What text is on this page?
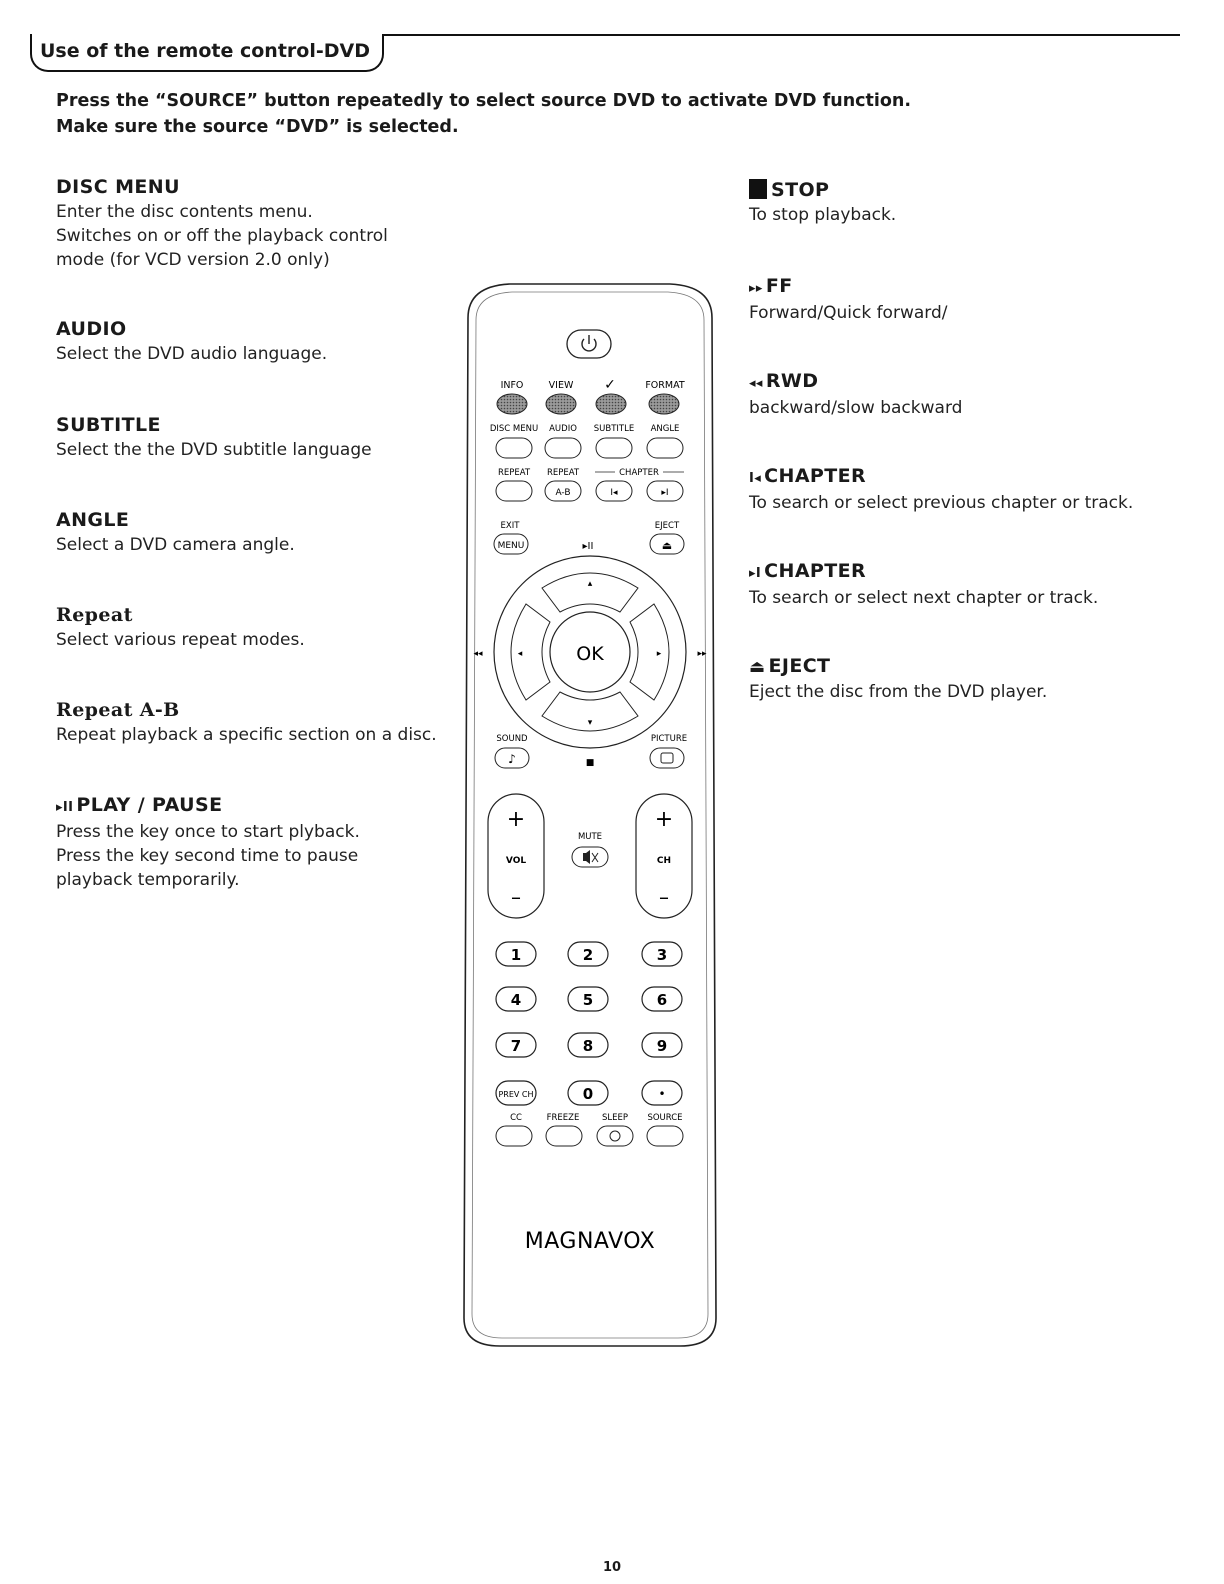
Use of the remote control-DVD
Press the “SOURCE” button repeatedly to select source DVD to activate DVD function.
Make sure the source “DVD” is selected.
DISC MENU

Enter the disc contents menu.

Switches on or off the playback control

mode (for VCD version 2.0 only)

AUDIO

Select the DVD audio language.

SUBTITLE

Select the the DVD subtitle language

ANGLE

Select a DVD camera angle.

Repeat

Select various repeat modes.

Repeat A-B

Repeat playback a specific section on a disc.

▸II PLAY / PAUSE

Press the key once to start plyback.

Press the key second time to pause

playback temporarily.

STOP

To stop playback.

▸▸ FF

Forward/Quick forward/

◂◂ RWD

backward/slow backward

I◂ CHAPTER

To search or select previous chapter or track.

▸I CHAPTER

To search or select next chapter or track.

⏏ EJECT

Eject the disc from the DVD player.

INFO	VIEW ✓	FORMAT
DISC MENU AUDIO SUBTITLE ANGLE
REPEAT REPEAT	CHAPTER
A-B	I◂	▸I
EXIT	EJECT
MENU	▸II	⏏
OK
▴
▾
◂	▸
◂◂	▸▸
SOUND	PICTURE
♪	■
+
VOL
–
+
CH
–
MUTE
1	2	3
4	5	6
7	8	9
PREV CH	0	•
CC	FREEZE	SLEEP SOURCE
MAGNAVOX
10
